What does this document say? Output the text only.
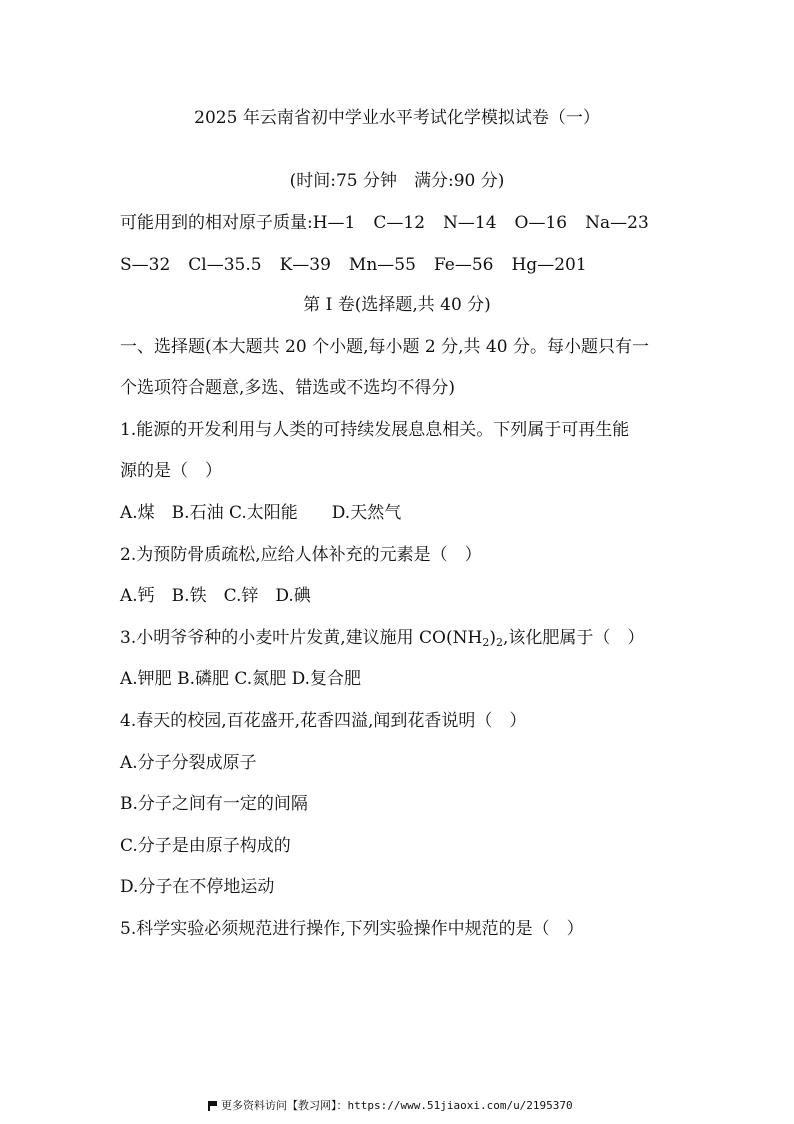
2025 年云南省初中学业水平考试化学模拟试卷（一）
(时间:75 分钟　满分:90 分)
可能用到的相对原子质量:H—1 C—12 N—14 O—16 Na—23
S—32 Cl—35.5 K—39 Mn—55 Fe—56 Hg—201
第 I 卷(选择题,共 40 分)
一、选择题(本大题共 20 个小题,每小题 2 分,共 40 分。每小题只有一
个选项符合题意,多选、错选或不选均不得分)
1.能源的开发利用与人类的可持续发展息息相关。下列属于可再生能
源的是（　）
A.煤　B.石油 C.太阳能　　D.天然气
2.为预防骨质疏松,应给人体补充的元素是（　）
A.钙　B.铁　C.锌　D.碘
3.小明爷爷种的小麦叶片发黄,建议施用 $CO(NH_2)_2$,该化肥属于（　）
A.钾肥 B.磷肥 C.氮肥 D.复合肥
4.春天的校园,百花盛开,花香四溢,闻到花香说明（　）
A.分子分裂成原子
B.分子之间有一定的间隔
C.分子是由原子构成的
D.分子在不停地运动
5.科学实验必须规范进行操作,下列实验操作中规范的是（　）
更多资料访问【教习网】：https://www.51jiaoxi.com/u/2195370
